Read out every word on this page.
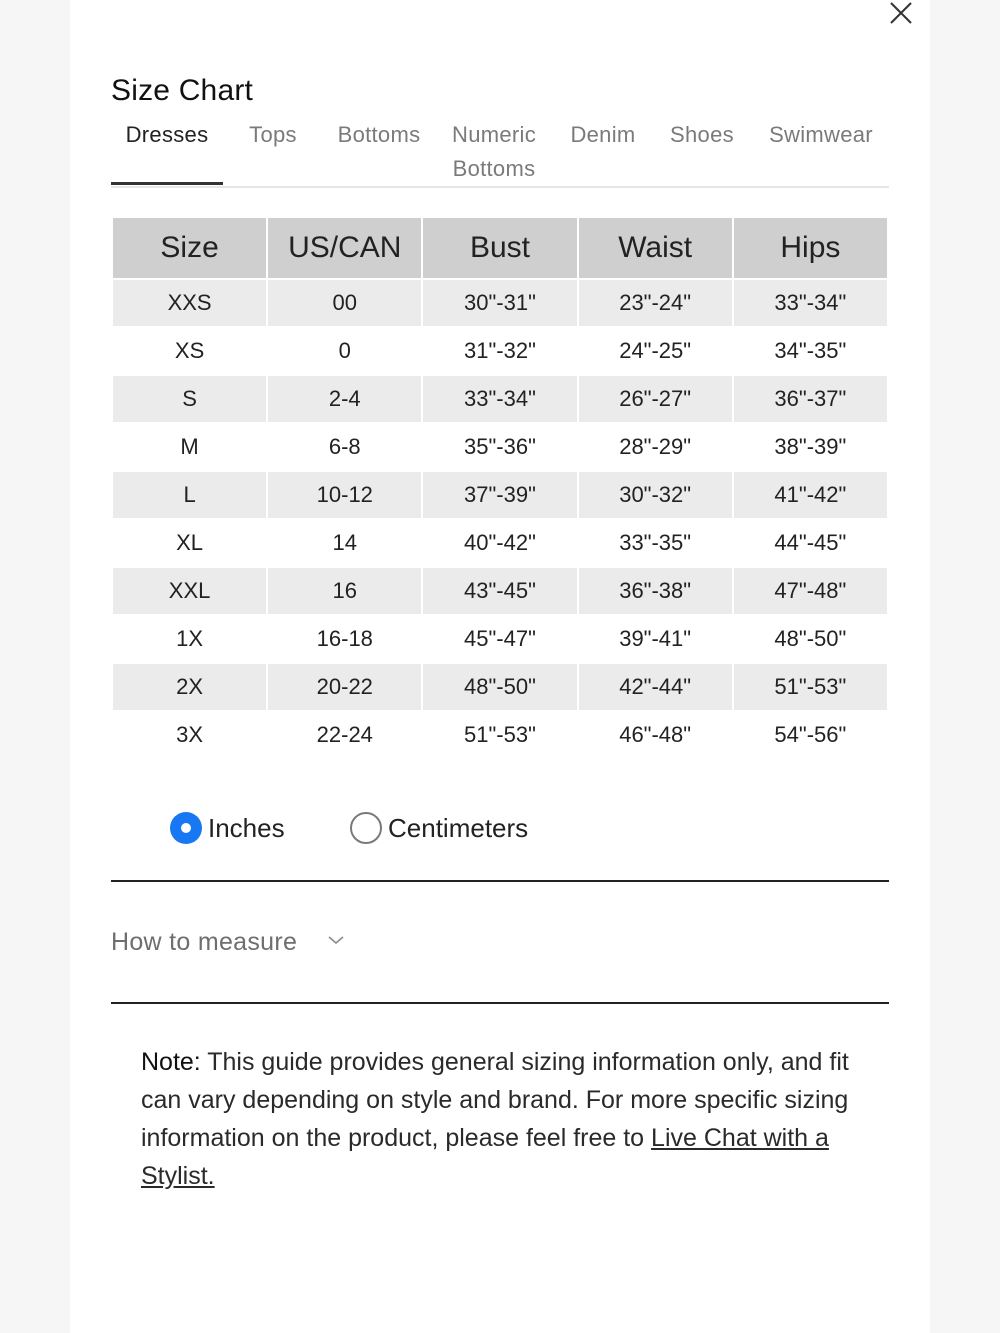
Size Chart
Dresses	Tops	Bottoms	Numeric
Bottoms
Denim	Shoes	Swimwear
Size	US/CAN	Bust	Waist	Hips
XXS	00	30"-31"	23"-24"	33"-34"
XS	0	31"-32"	24"-25"	34"-35"
S	2-4	33"-34"	26"-27"	36"-37"
M	6-8	35"-36"	28"-29"	38"-39"
L	10-12	37"-39"	30"-32"	41"-42"
XL	14	40"-42"	33"-35"	44"-45"
XXL	16	43"-45"	36"-38"	47"-48"
1X	16-18	45"-47"	39"-41"	48"-50"
2X	20-22	48"-50"	42"-44"	51"-53"
3X	22-24	51"-53"	46"-48"	54"-56"
Inches	Centimeters
How to measure

Note: This guide provides general sizing information only, and fit can vary depending on style and brand. For more specific sizing information on the product, please feel free to Live Chat with a Stylist.
